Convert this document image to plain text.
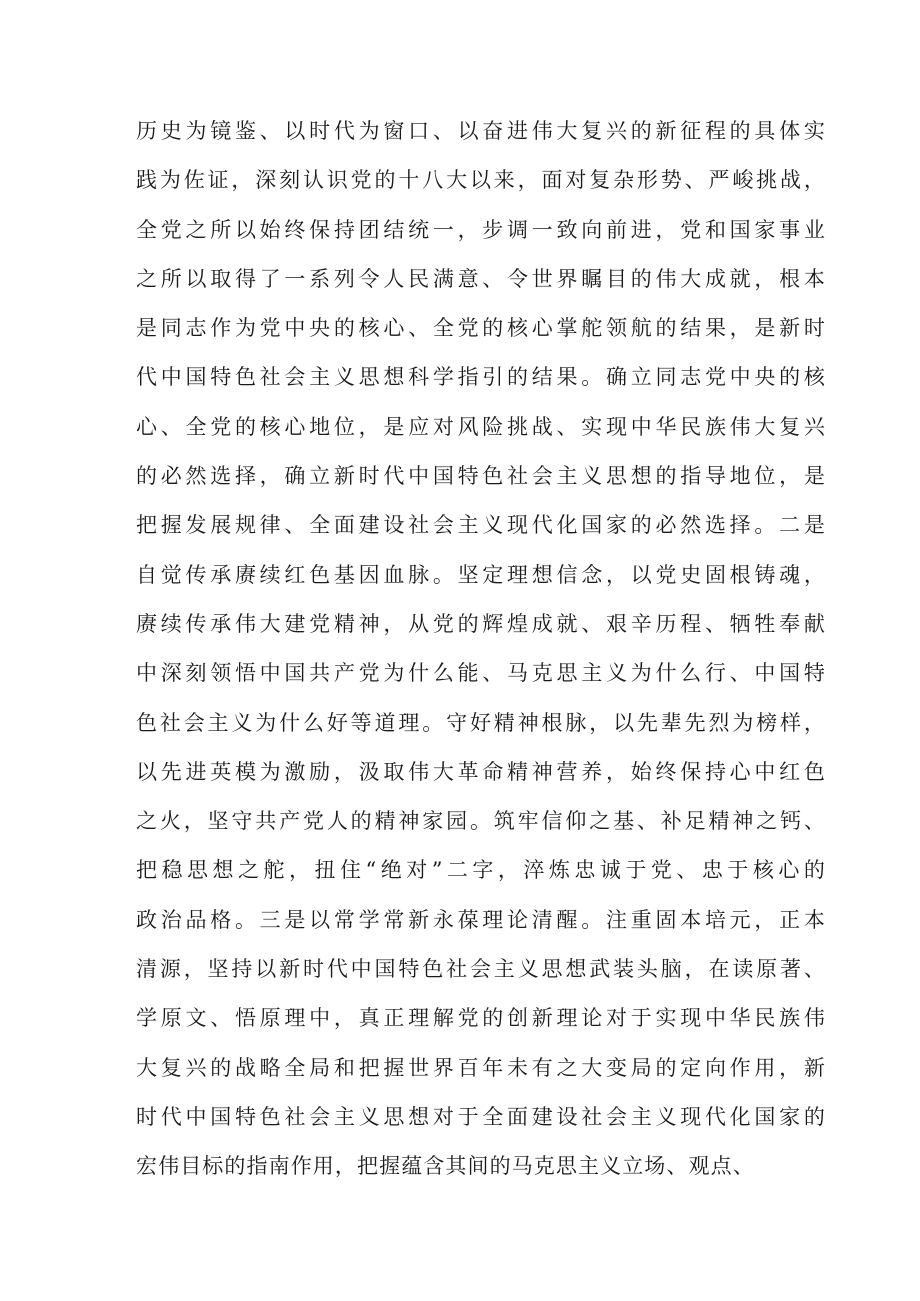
历史为镜鉴、以时代为窗口、以奋进伟大复兴的新征程的具体实
践为佐证，深刻认识党的十八大以来，面对复杂形势、严峻挑战，
全党之所以始终保持团结统一，步调一致向前进，党和国家事业
之所以取得了一系列令人民满意、令世界瞩目的伟大成就，根本
是同志作为党中央的核心、全党的核心掌舵领航的结果，是新时
代中国特色社会主义思想科学指引的结果。确立同志党中央的核
心、全党的核心地位，是应对风险挑战、实现中华民族伟大复兴
的必然选择，确立新时代中国特色社会主义思想的指导地位，是
把握发展规律、全面建设社会主义现代化国家的必然选择。二是
自觉传承赓续红色基因血脉。坚定理想信念，以党史固根铸魂，
赓续传承伟大建党精神，从党的辉煌成就、艰辛历程、牺牲奉献
中深刻领悟中国共产党为什么能、马克思主义为什么行、中国特
色社会主义为什么好等道理。守好精神根脉，以先辈先烈为榜样，
以先进英模为激励，汲取伟大革命精神营养，始终保持心中红色
之火，坚守共产党人的精神家园。筑牢信仰之基、补足精神之钙、
把稳思想之舵，扭住“绝对”二字，淬炼忠诚于党、忠于核心的
政治品格。三是以常学常新永葆理论清醒。注重固本培元，正本
清源，坚持以新时代中国特色社会主义思想武装头脑，在读原著、
学原文、悟原理中，真正理解党的创新理论对于实现中华民族伟
大复兴的战略全局和把握世界百年未有之大变局的定向作用，新
时代中国特色社会主义思想对于全面建设社会主义现代化国家的
宏伟目标的指南作用，把握蕴含其间的马克思主义立场、观点、
